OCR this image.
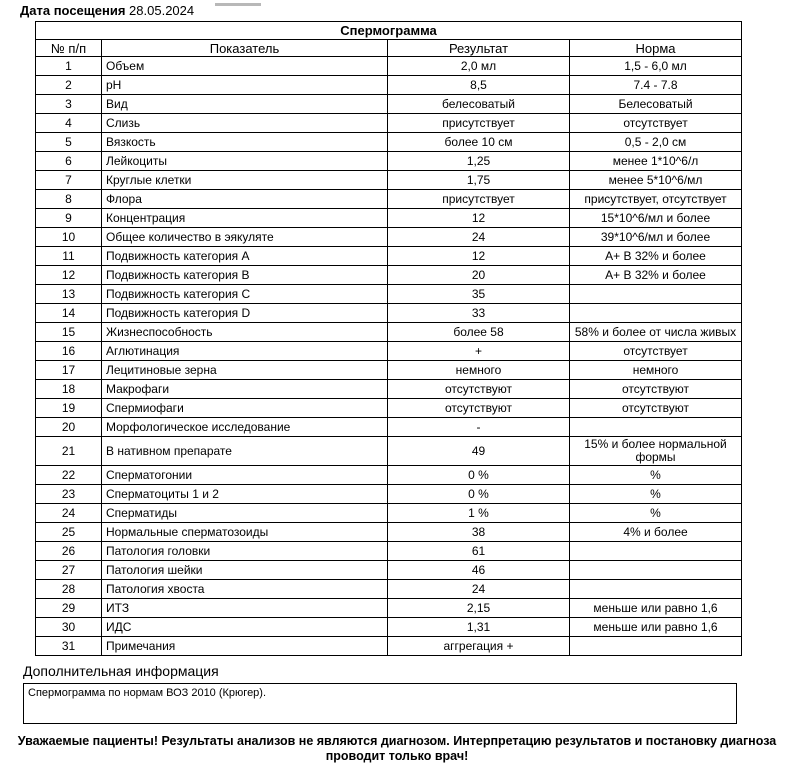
Дата посещения 28.05.2024
Спермограмма			
№ п/п	Показатель	Результат	Норма
1	Объем	2,0 мл	1,5 - 6,0 мл
2	pH	8,5	7.4 - 7.8
3	Вид	белесоватый	Белесоватый
4	Слизь	присутствует	отсутствует
5	Вязкость	более 10 см	0,5 - 2,0 см
6	Лейкоциты	1,25	менее 1*10^6/л
7	Круглые клетки	1,75	менее 5*10^6/мл
8	Флора	присутствует	присутствует, отсутствует
9	Концентрация	12	15*10^6/мл и более
10	Общее количество в эякуляте	24	39*10^6/мл и более
11	Подвижность категория A	12	A+ B 32% и более
12	Подвижность категория B	20	A+ B 32% и более
13	Подвижность категория C	35	
14	Подвижность категория D	33	
15	Жизнеспособность	более 58	58% и более от числа живых
16	Аглютинация	+	отсутствует
17	Лецитиновые зерна	немного	немного
18	Макрофаги	отсутствуют	отсутствуют
19	Спермиофаги	отсутствуют	отсутствуют
20	Морфологическое исследование	-	
21	В нативном препарате	49	15% и более нормальной формы
22	Сперматогонии	0 %	%
23	Сперматоциты 1 и 2	0 %	%
24	Сперматиды	1 %	%
25	Нормальные сперматозоиды	38	4% и более
26	Патология головки	61	
27	Патология шейки	46	
28	Патология хвоста	24	
29	ИТЗ	2,15	меньше или равно 1,6
30	ИДС	1,31	меньше или равно 1,6
31	Примечания	аггрегация +	
Дополнительная информация
Спермограмма по нормам ВОЗ 2010 (Крюгер).
Уважаемые пациенты! Результаты анализов не являются диагнозом. Интерпретацию результатов и постановку диагноза проводит только врач!
